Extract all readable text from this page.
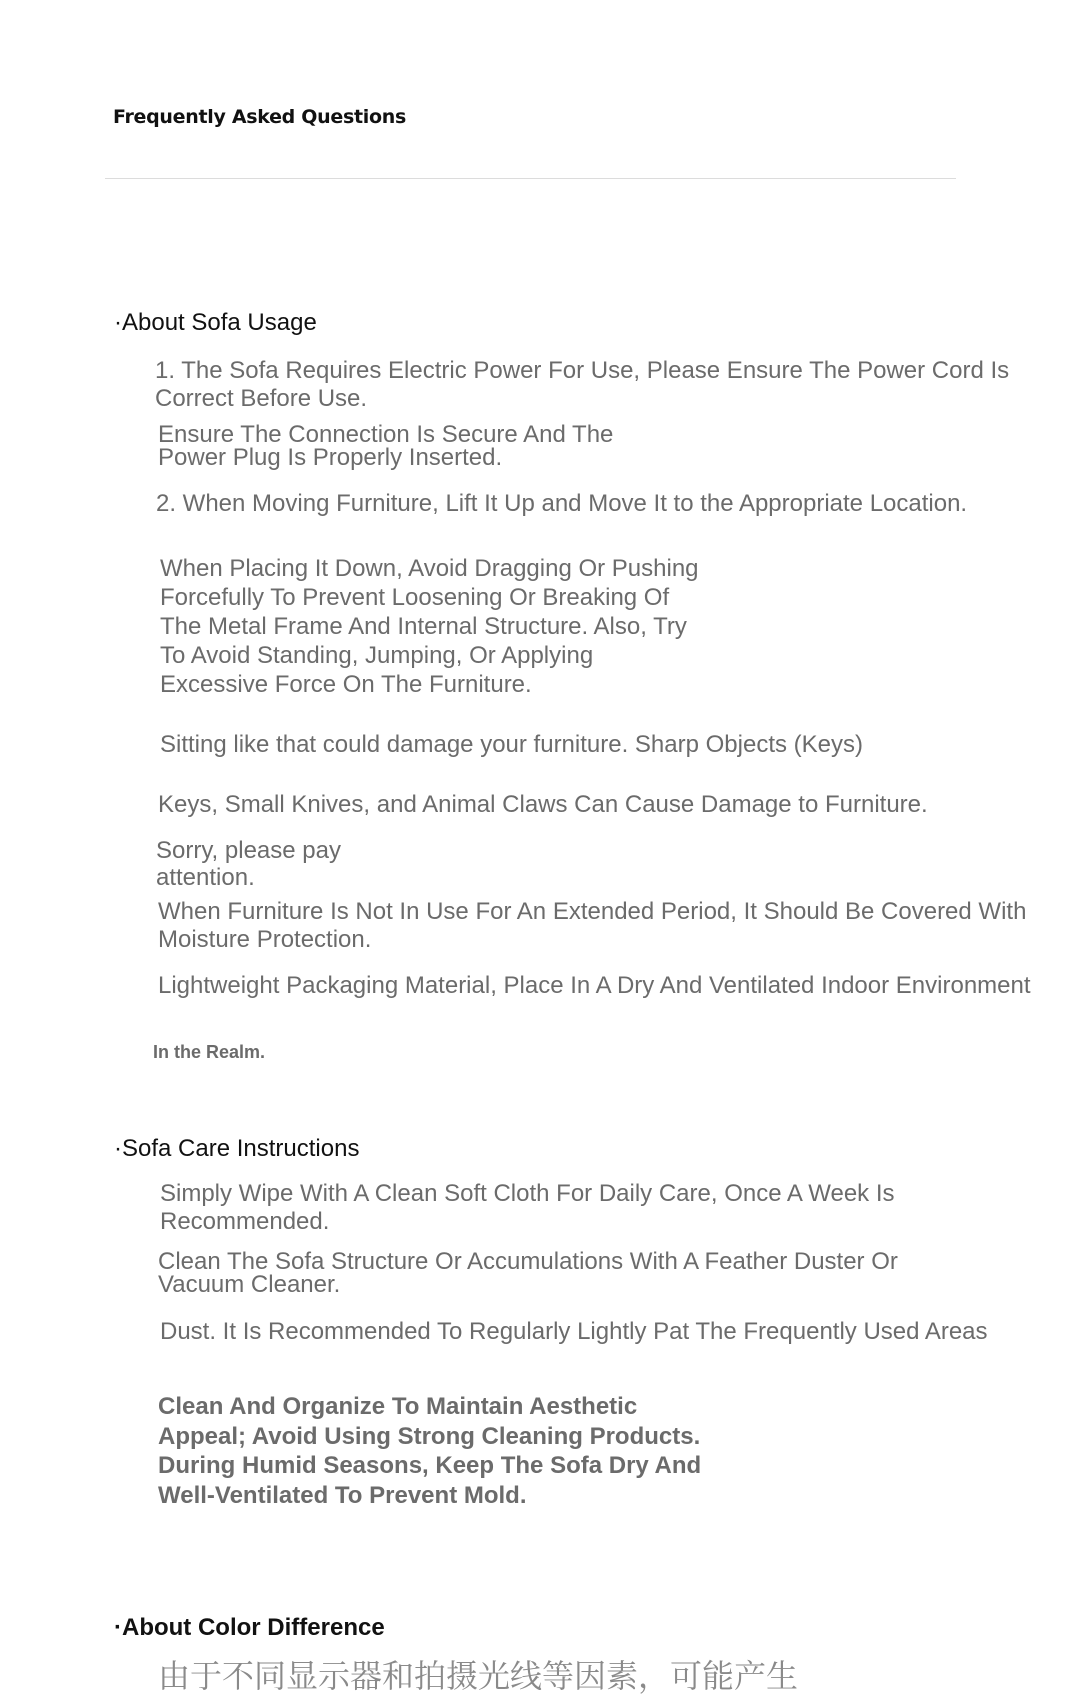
Frequently Asked Questions
·About Sofa Usage
1. The Sofa Requires Electric Power For Use, Please Ensure The Power Cord Is
Correct Before Use.
Ensure The Connection Is Secure And The
Power Plug Is Properly Inserted.
2. When Moving Furniture, Lift It Up and Move It to the Appropriate Location.
When Placing It Down, Avoid Dragging Or Pushing
Forcefully To Prevent Loosening Or Breaking Of
The Metal Frame And Internal Structure. Also, Try
To Avoid Standing, Jumping, Or Applying
Excessive Force On The Furniture.
Sitting like that could damage your furniture. Sharp Objects (Keys)
Keys, Small Knives, and Animal Claws Can Cause Damage to Furniture.
Sorry, please pay
attention.
When Furniture Is Not In Use For An Extended Period, It Should Be Covered With
Moisture Protection.
Lightweight Packaging Material, Place In A Dry And Ventilated Indoor Environment
In the Realm.
·Sofa Care Instructions
Simply Wipe With A Clean Soft Cloth For Daily Care, Once A Week Is
Recommended.
Clean The Sofa Structure Or Accumulations With A Feather Duster Or
Vacuum Cleaner.
Dust. It Is Recommended To Regularly Lightly Pat The Frequently Used Areas
Clean And Organize To Maintain Aesthetic
Appeal; Avoid Using Strong Cleaning Products.
During Humid Seasons, Keep The Sofa Dry And
Well-Ventilated To Prevent Mold.
·About Color Difference
由于不同显示器和拍摄光线等因素，可能产生
